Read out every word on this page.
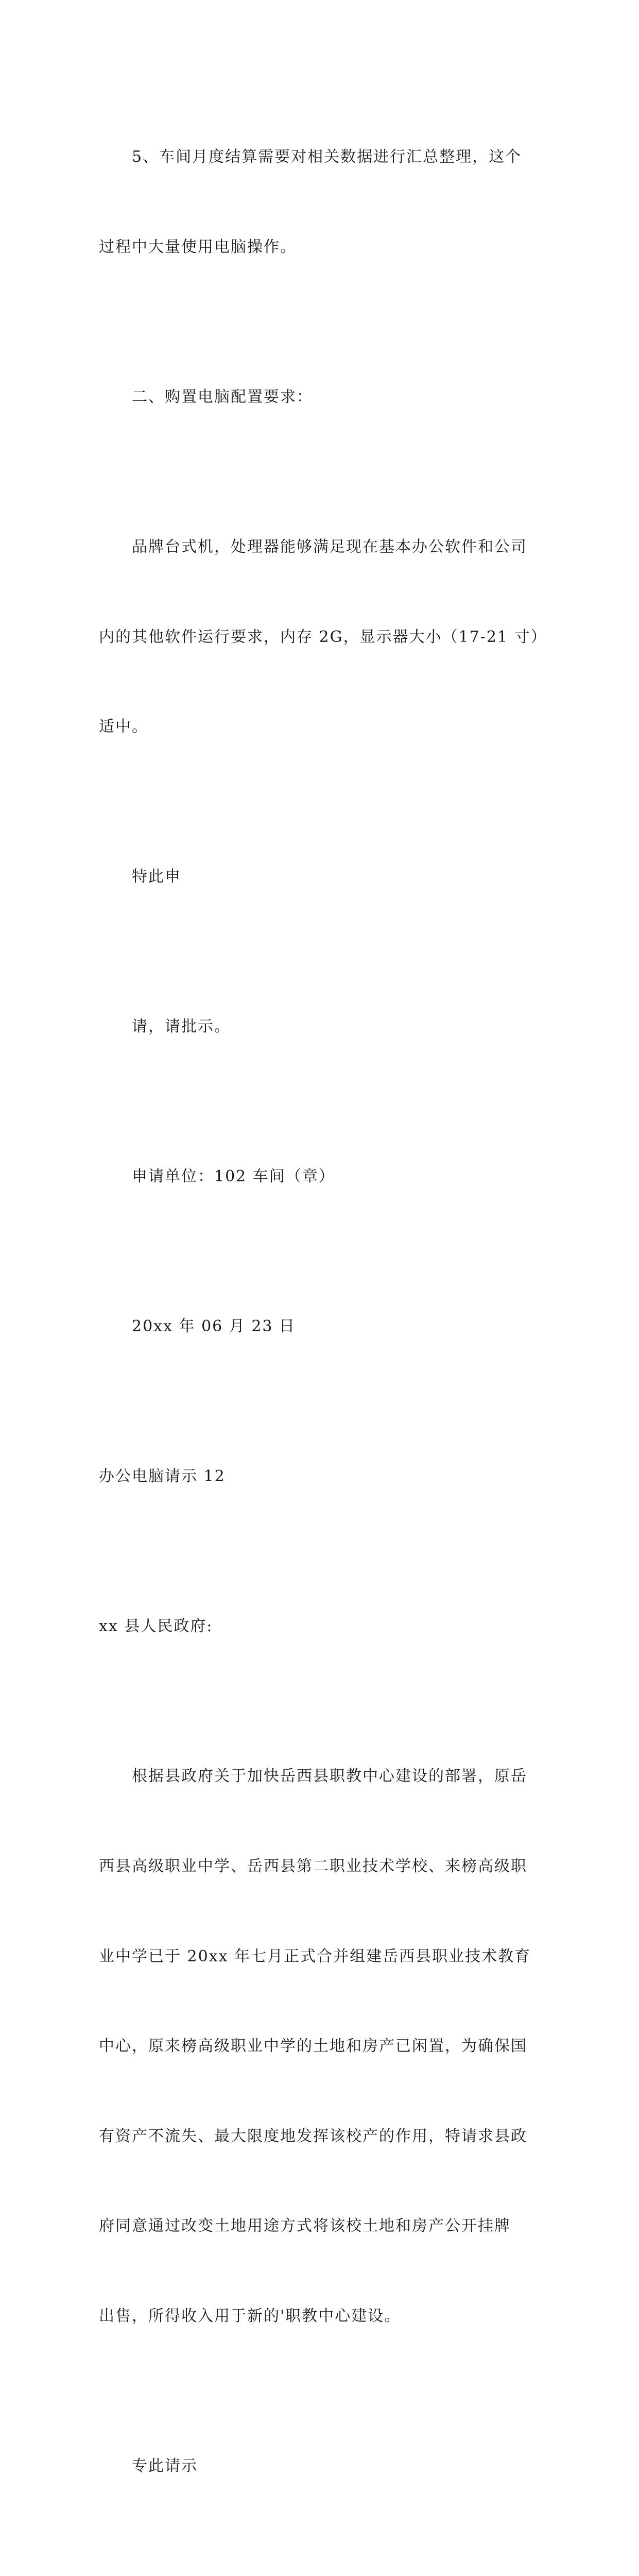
5、车间月度结算需要对相关数据进行汇总整理，这个

过程中大量使用电脑操作。

二、购置电脑配置要求：

品牌台式机，处理器能够满足现在基本办公软件和公司

内的其他软件运行要求，内存 2G，显示器大小（17-21 寸）

适中。

特此申

请，请批示。

申请单位：102 车间（章）

20xx 年 06 月 23 日

办公电脑请示 12

xx 县人民政府:

根据县政府关于加快岳西县职教中心建设的部署，原岳

西县高级职业中学、岳西县第二职业技术学校、来榜高级职

业中学已于 20xx 年七月正式合并组建岳西县职业技术教育

中心，原来榜高级职业中学的土地和房产已闲置，为确保国

有资产不流失、最大限度地发挥该校产的作用，特请求县政

府同意通过改变土地用途方式将该校土地和房产公开挂牌

出售，所得收入用于新的'职教中心建设。

专此请示
